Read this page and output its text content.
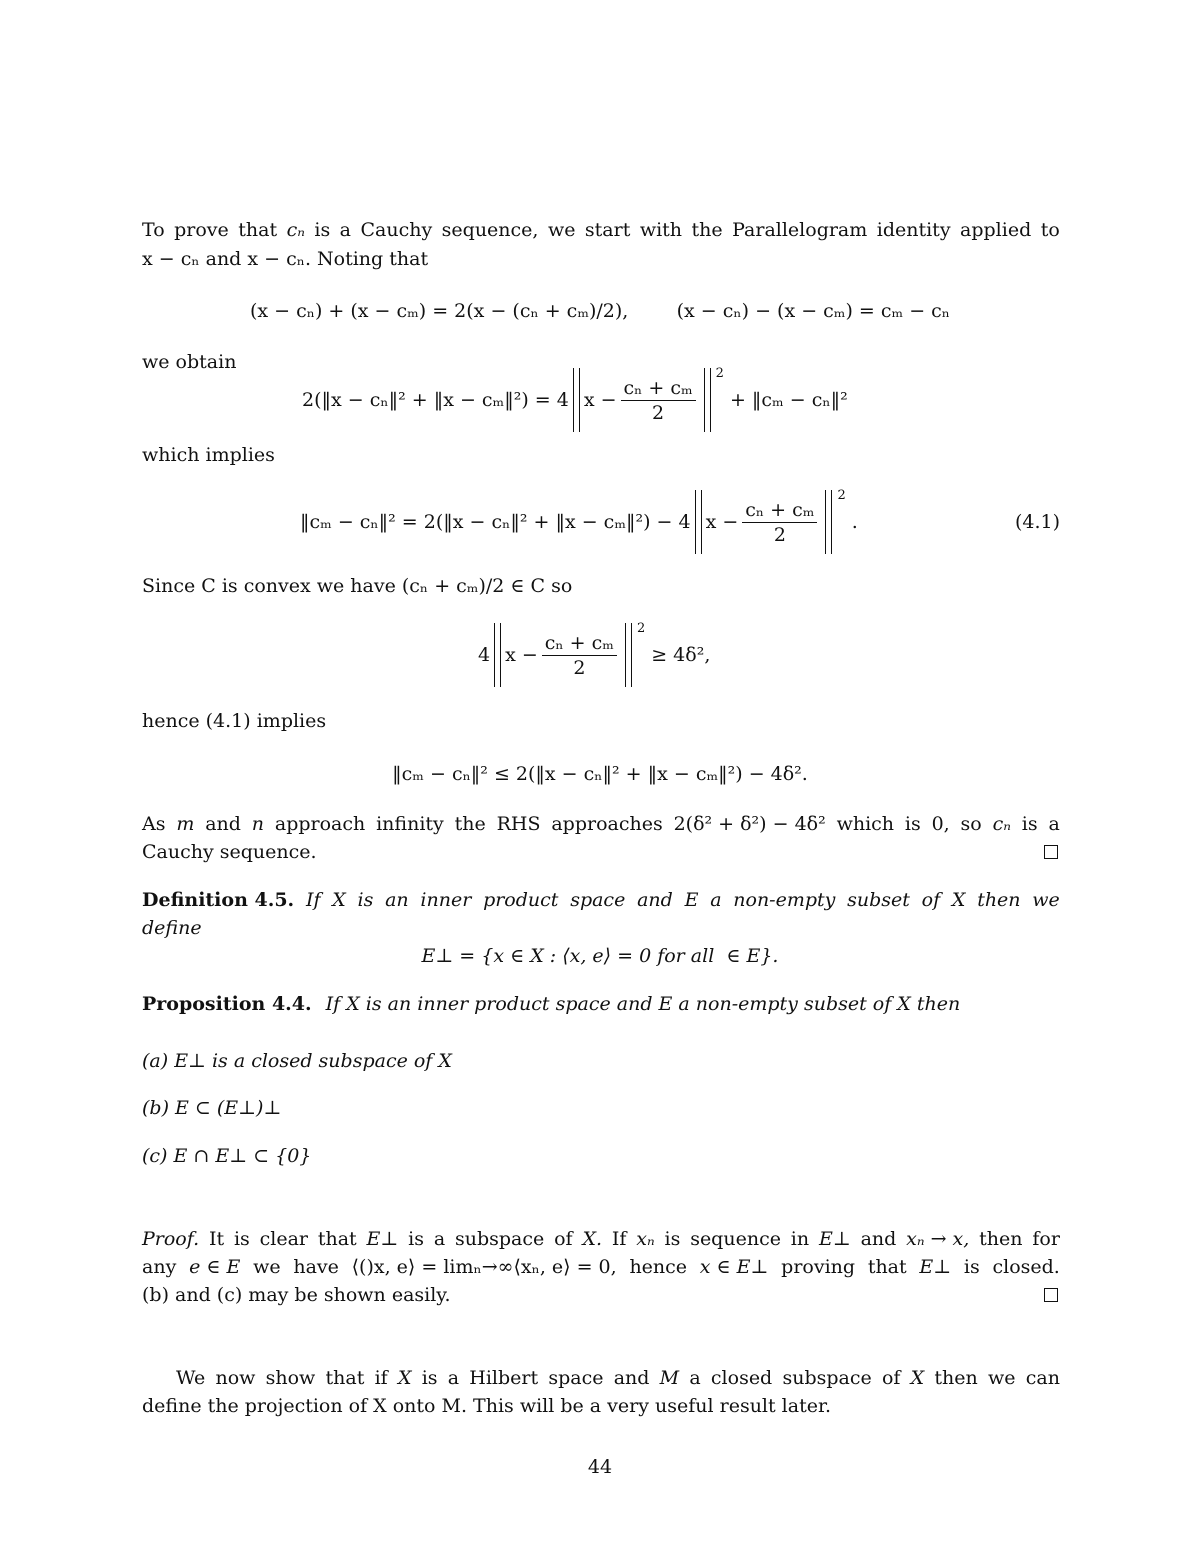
To prove that cₙ is a Cauchy sequence, we start with the Parallelogram identity applied to
x − cₙ and x − cₙ. Noting that
(x − cₙ) + (x − cₘ) = 2(x − (cₙ + cₘ)/2),        (x − cₙ) − (x − cₘ) = cₘ − cₙ
we obtain
2(‖x − cₙ‖² + ‖x − cₘ‖²) = 4 $x - \frac{\text{cₙ + cₘ}}{2}$
2
+ ‖cₘ − cₙ‖²
which implies
‖cₘ − cₙ‖² = 2(‖x − cₙ‖² + ‖x − cₘ‖²) − 4 $x - \frac{\text{cₙ + cₘ}}{2}$
2
.	(4.1)
Since C is convex we have (cₙ + cₘ)/2 ∈ C so
4 $x - \frac{\text{cₙ + cₘ}}{2}$
2
≥ 4δ²,
hence (4.1) implies
‖cₘ − cₙ‖² ≤ 2(‖x − cₙ‖² + ‖x − cₘ‖²) − 4δ².
As m and n approach infinity the RHS approaches 2(δ² + δ²) − 4δ² which is 0, so cₙ is a
Cauchy sequence.
Definition 4.5. If X is an inner product space and E a non-empty subset of X then we
define
E⊥ = {x ∈ X : ⟨x, e⟩ = 0 for all  ∈ E}.
Proposition 4.4. If X is an inner product space and E a non-empty subset of X then
(a) E⊥ is a closed subspace of X
(b) E ⊂ (E⊥)⊥
(c) E ∩ E⊥ ⊂ {0}
Proof. It is clear that E⊥ is a subspace of X. If xₙ is sequence in E⊥ and xₙ → x, then for
any e ∈ E we have ⟨()x, e⟩ = limₙ→∞⟨xₙ, e⟩ = 0, hence x ∈ E⊥ proving that E⊥ is closed.
(b) and (c) may be shown easily.
We now show that if X is a Hilbert space and M a closed subspace of X then we can
define the projection of X onto M. This will be a very useful result later.
44
